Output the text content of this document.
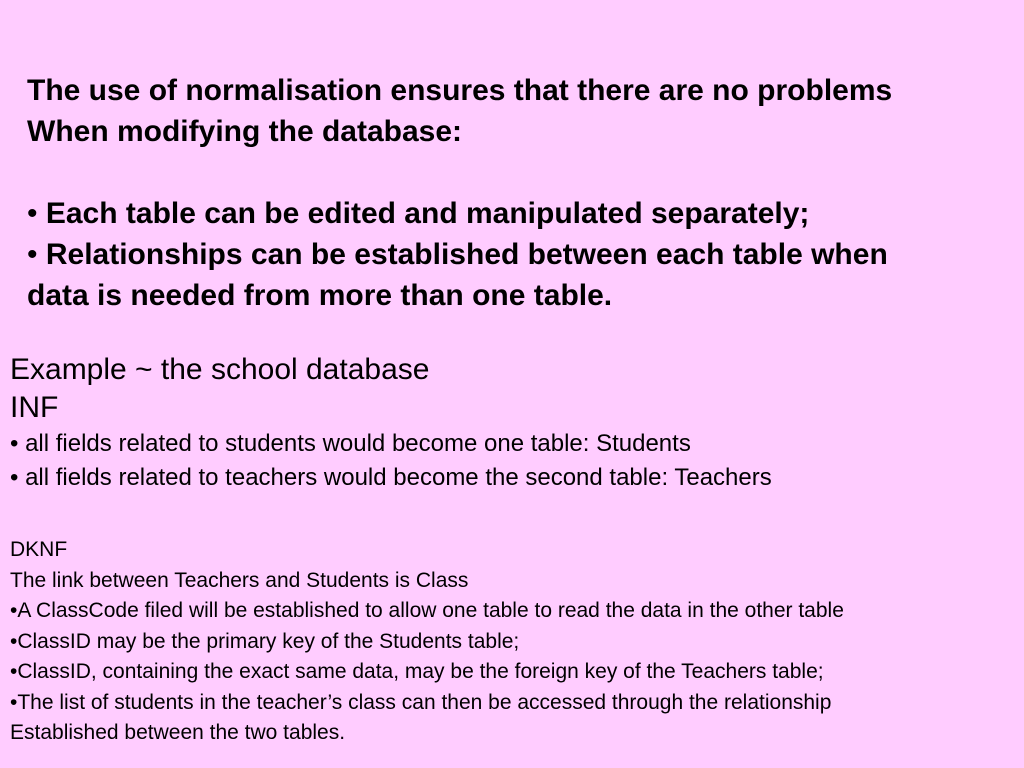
The use of normalisation ensures that there are no problems
When modifying the database:
• Each table can be edited and manipulated separately;
• Relationships can be established between each table when
data is needed from more than one table.
Example ~ the school database
INF
• all fields related to students would become one table: Students
• all fields related to teachers would become the second table: Teachers
DKNF
The link between Teachers and Students is Class
•A ClassCode filed will be established to allow one table to read the data in the other table
•ClassID may be the primary key of the Students table;
•ClassID, containing the exact same data, may be the foreign key of the Teachers table;
•The list of students in the teacher’s class can then be accessed through the relationship
Established between the two tables.
